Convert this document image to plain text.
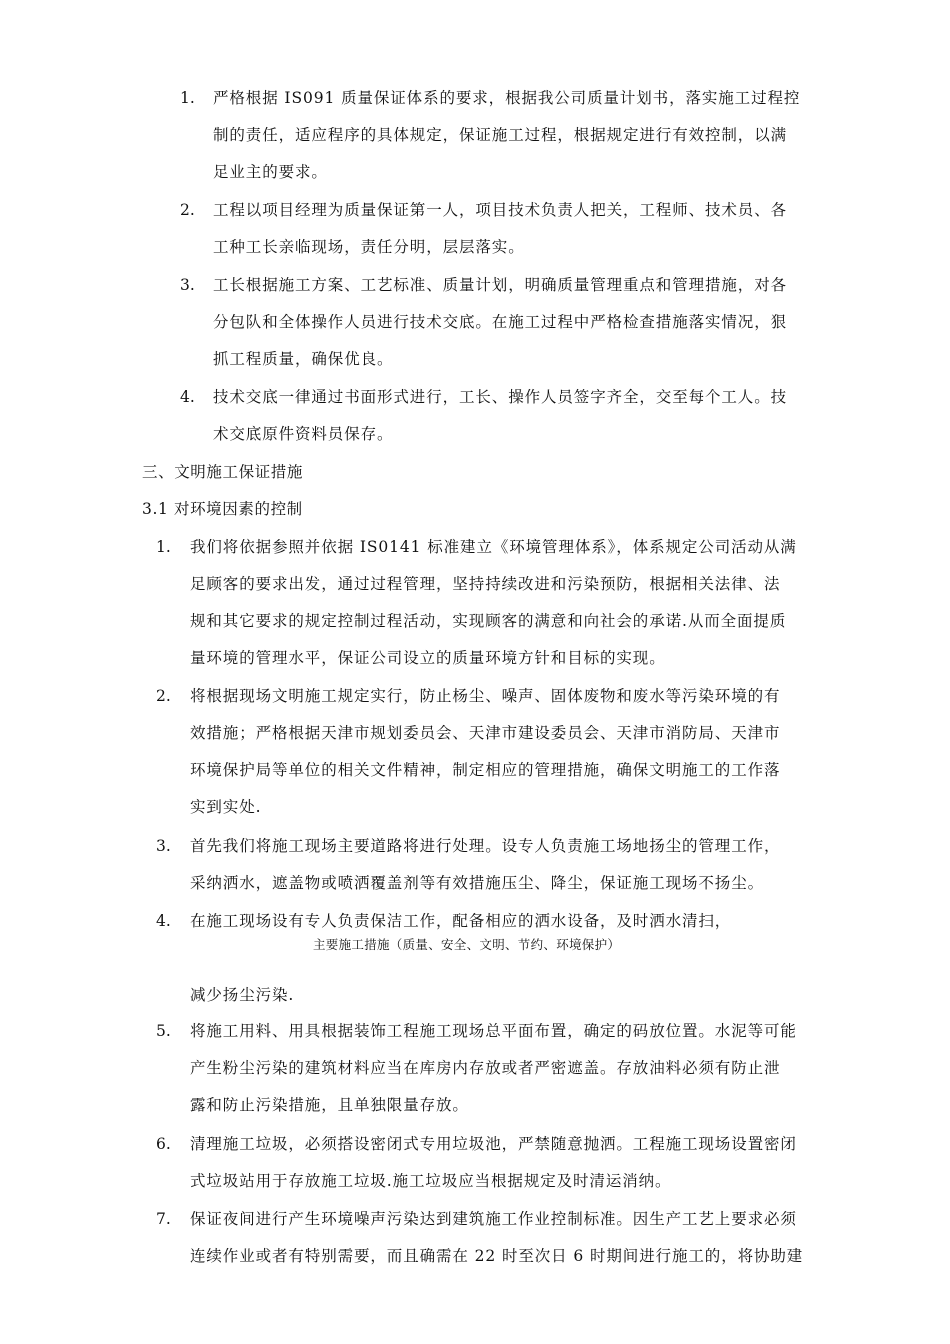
1. 严格根据 IS091 质量保证体系的要求，根据我公司质量计划书，落实施工过程控
制的责任，适应程序的具体规定，保证施工过程，根据规定进行有效控制，以满
足业主的要求。
2. 工程以项目经理为质量保证第一人，项目技术负责人把关，工程师、技术员、各
工种工长亲临现场，责任分明，层层落实。
3. 工长根据施工方案、工艺标准、质量计划，明确质量管理重点和管理措施，对各
分包队和全体操作人员进行技术交底。在施工过程中严格检查措施落实情况，狠
抓工程质量，确保优良。
4. 技术交底一律通过书面形式进行，工长、操作人员签字齐全，交至每个工人。技
术交底原件资料员保存。
三、文明施工保证措施
3.1 对环境因素的控制
1. 我们将依据参照并依据 IS0141 标准建立《环境管理体系》，体系规定公司活动从满
足顾客的要求出发，通过过程管理，坚持持续改进和污染预防，根据相关法律、法
规和其它要求的规定控制过程活动，实现顾客的满意和向社会的承诺.从而全面提质
量环境的管理水平，保证公司设立的质量环境方针和目标的实现。
2. 将根据现场文明施工规定实行，防止杨尘、噪声、固体废物和废水等污染环境的有
效措施；严格根据天津市规划委员会、天津市建设委员会、天津市消防局、天津市
环境保护局等单位的相关文件精神，制定相应的管理措施，确保文明施工的工作落
实到实处.
3. 首先我们将施工现场主要道路将进行处理。设专人负责施工场地扬尘的管理工作，
采纳洒水，遮盖物或喷洒覆盖剂等有效措施压尘、降尘，保证施工现场不扬尘。
4. 在施工现场设有专人负责保洁工作，配备相应的洒水设备，及时洒水清扫，
主要施工措施（质量、安全、文明、节约、环境保护）
减少扬尘污染.
5. 将施工用料、用具根据装饰工程施工现场总平面布置，确定的码放位置。水泥等可能
产生粉尘污染的建筑材料应当在库房内存放或者严密遮盖。存放油料必须有防止泄
露和防止污染措施，且单独限量存放。
6. 清理施工垃圾，必须搭设密闭式专用垃圾池，严禁随意抛洒。工程施工现场设置密闭
式垃圾站用于存放施工垃圾.施工垃圾应当根据规定及时清运消纳。
7. 保证夜间进行产生环境噪声污染达到建筑施工作业控制标准。因生产工艺上要求必须
连续作业或者有特别需要，而且确需在 22 时至次日 6 时期间进行施工的，将协助建
